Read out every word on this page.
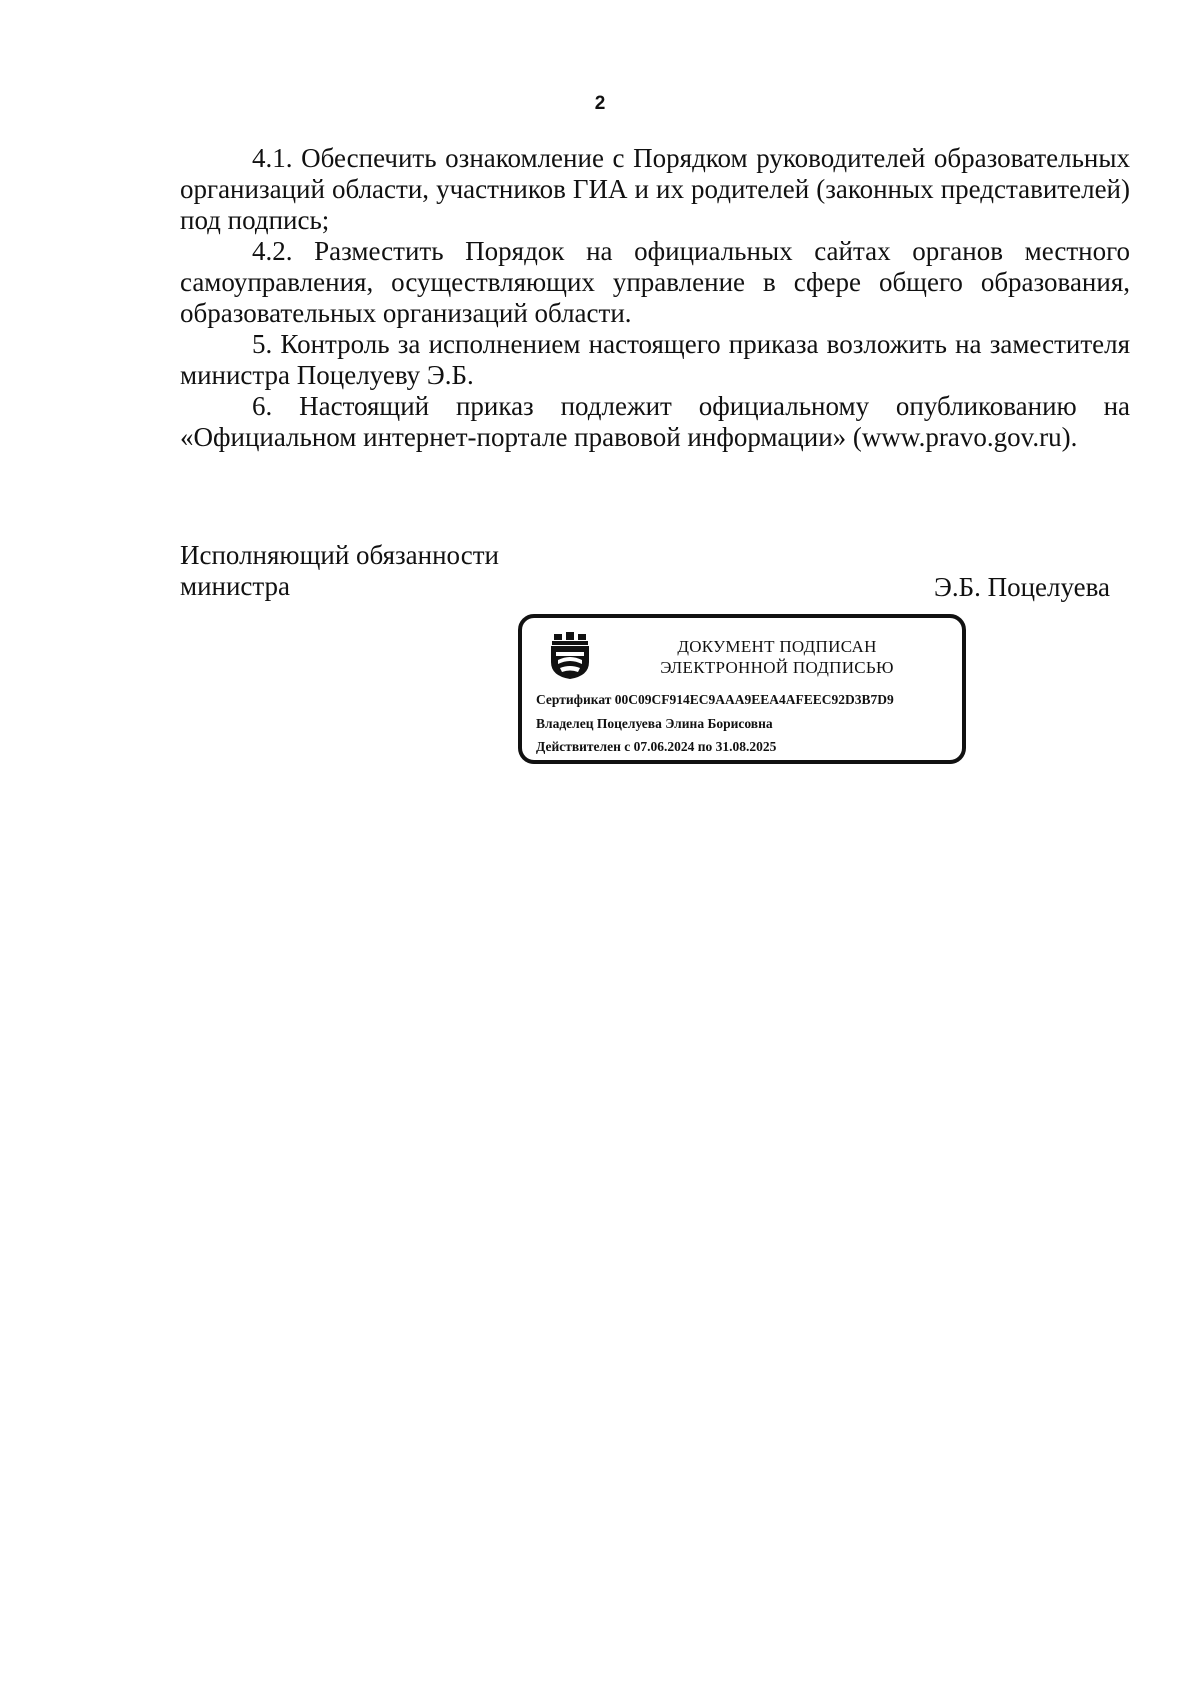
2

4.1. Обеспечить ознакомление с Порядком руководителей образовательных организаций области, участников ГИА и их родителей (законных представителей) под подпись;

4.2. Разместить Порядок на официальных сайтах органов местного самоуправления, осуществляющих управление в сфере общего образования, образовательных организаций области.

5. Контроль за исполнением настоящего приказа возложить на заместителя министра Поцелуеву Э.Б.

6. Настоящий приказ подлежит официальному опубликованию на «Официальном интернет-портале правовой информации» (www.pravo.gov.ru).

Исполняющий обязанности
министра	Э.Б. Поцелуева
ДОКУМЕНТ ПОДПИСАН
ЭЛЕКТРОННОЙ ПОДПИСЬЮ
Сертификат 00C09CF914EC9AAA9EEA4AFEEC92D3B7D9
Владелец Поцелуева Элина Борисовна
Действителен с 07.06.2024 по 31.08.2025
